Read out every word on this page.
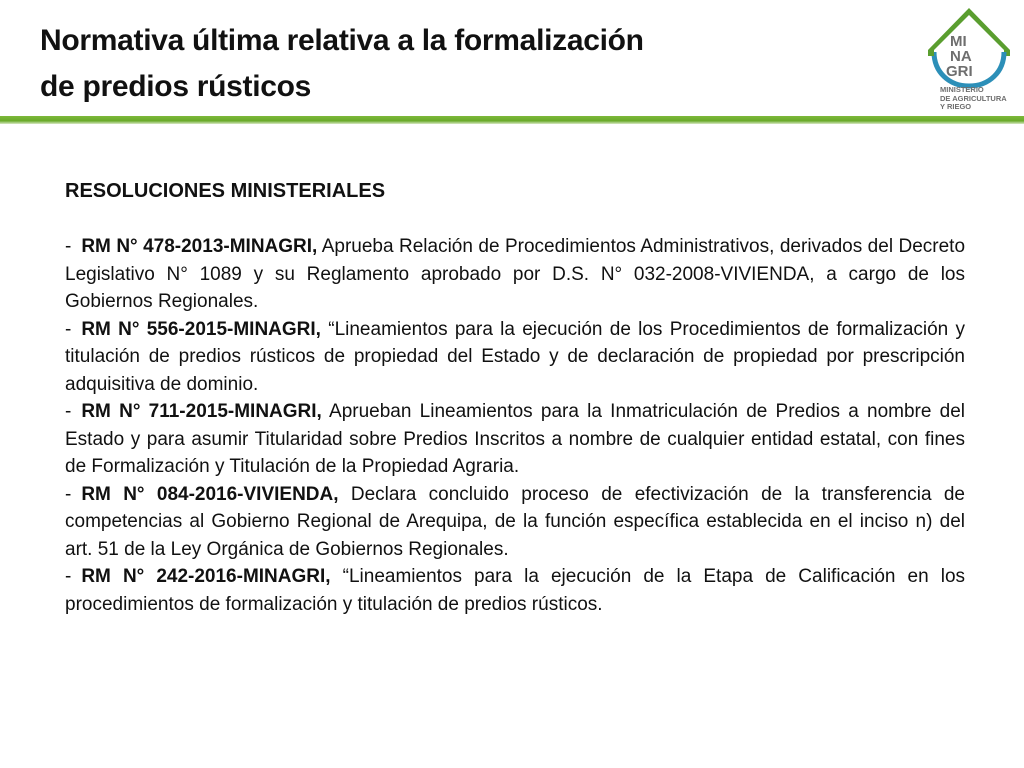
Normativa última relativa a la formalización
de predios rústicos
MI
NA
GRI
MINISTERIO
DE AGRICULTURA
Y RIEGO
RESOLUCIONES MINISTERIALES

- RM N° 478-2013-MINAGRI, Aprueba Relación de Procedimientos Administrativos, derivados del Decreto Legislativo N° 1089 y su Reglamento aprobado por D.S. N° 032-2008-VIVIENDA, a cargo de los Gobiernos Regionales.

- RM N° 556-2015-MINAGRI, “Lineamientos para la ejecución de los Procedimientos de formalización y titulación de predios rústicos de propiedad del Estado y de declaración de propiedad por prescripción adquisitiva de dominio.

- RM N° 711-2015-MINAGRI, Aprueban Lineamientos para la Inmatriculación de Predios a nombre del Estado y para asumir Titularidad sobre Predios Inscritos a nombre de cualquier entidad estatal, con fines de Formalización y Titulación de la Propiedad Agraria.

- RM N° 084-2016-VIVIENDA, Declara concluido proceso de efectivización de la transferencia de competencias al Gobierno Regional de Arequipa, de la función específica establecida en el inciso n) del art. 51 de la Ley Orgánica de Gobiernos Regionales.

- RM N° 242-2016-MINAGRI, “Lineamientos para la ejecución de la Etapa de Calificación en los procedimientos de formalización y titulación de predios rústicos.
